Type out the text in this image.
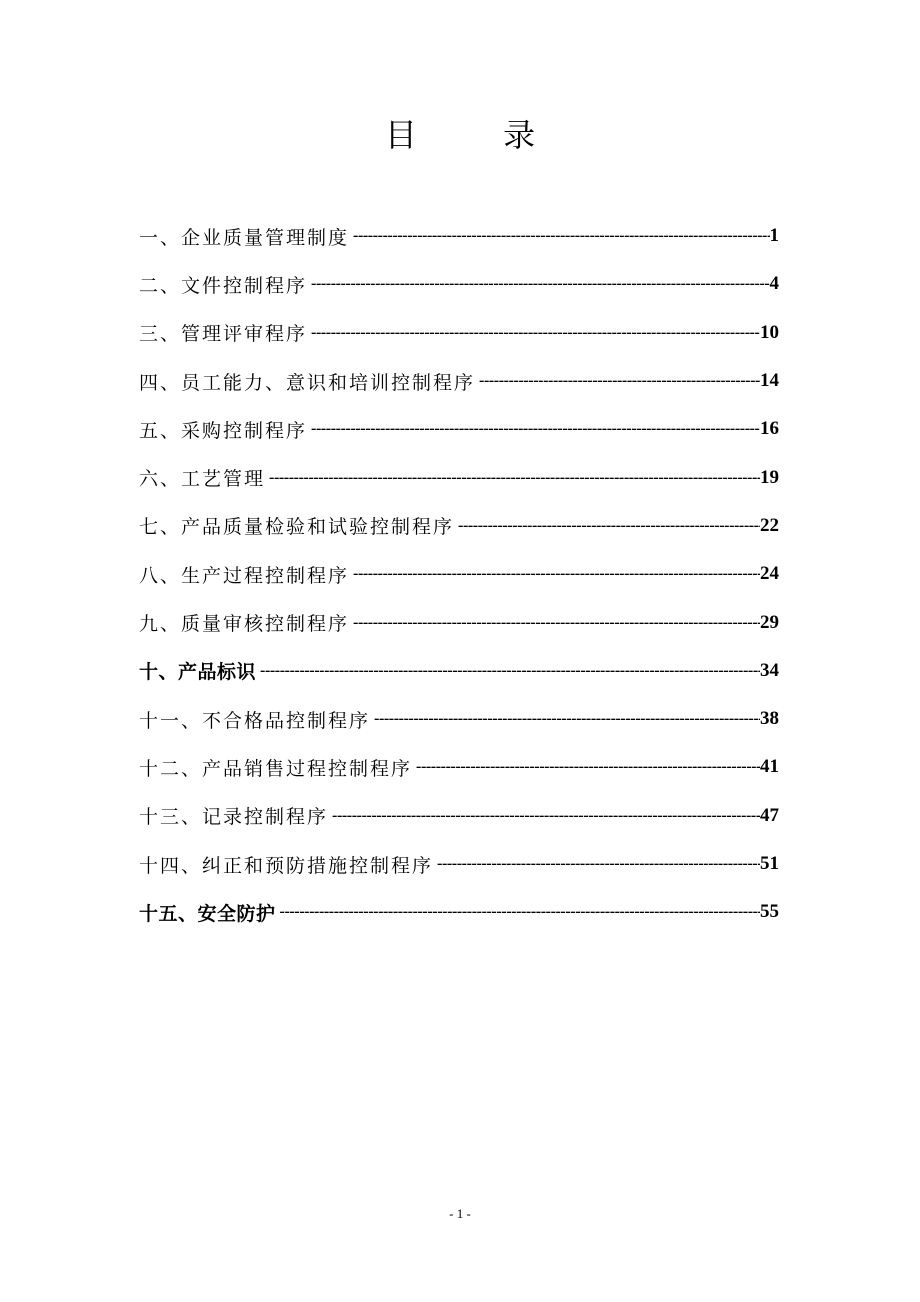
目 录
一、企业质量管理制度 -----	1
二、文件控制程序 -----	4
三、管理评审程序 -----	10
四、员工能力、意识和培训控制程序 -----	14
五、采购控制程序 -----	16
六、工艺管理 -----	19
七、产品质量检验和试验控制程序 -----	22
八、生产过程控制程序 -----	24
九、质量审核控制程序 -----	29
十、产品标识 -----	34
十一、不合格品控制程序 -----	38
十二、产品销售过程控制程序 -----	41
十三、记录控制程序 -----	47
十四、纠正和预防措施控制程序 -----	51
十五、安全防护 -----	55
- 1 -
